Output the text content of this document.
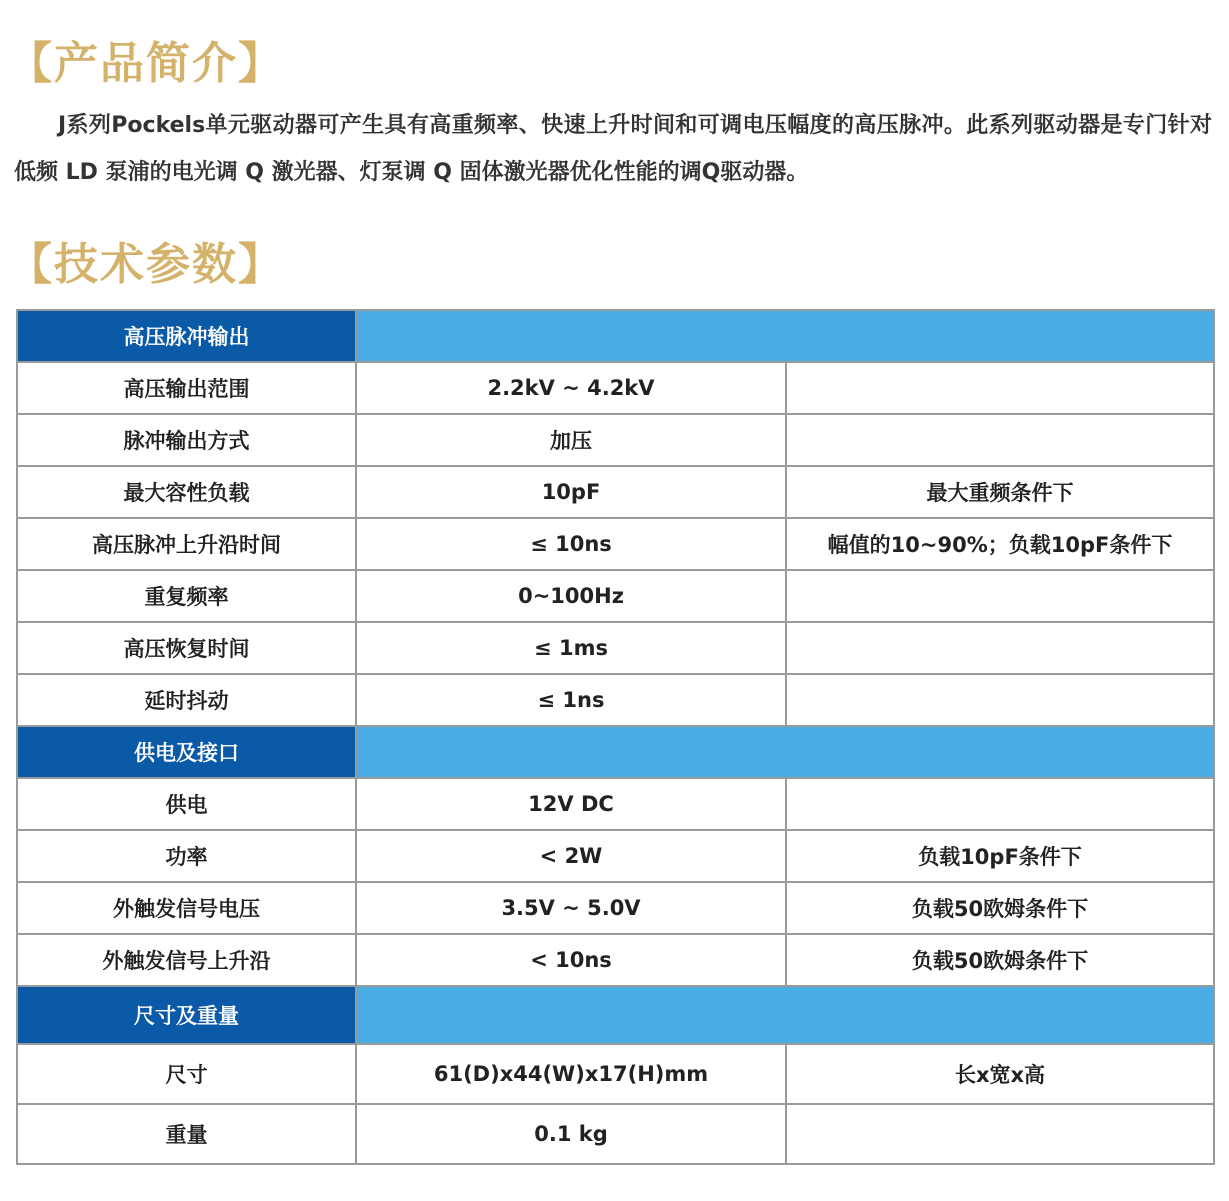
【产品简介】

J系列Pockels单元驱动器可产生具有高重频率、快速上升时间和可调电压幅度的高压脉冲。此系列驱动器是专门针对低频 LD 泵浦的电光调 Q 激光器、灯泵调 Q 固体激光器优化性能的调Q驱动器。

【技术参数】
高压脉冲输出		
高压输出范围	2.2kV ~ 4.2kV	
脉冲输出方式	加压	
最大容性负载	10pF	最大重频条件下
高压脉冲上升沿时间	≤ 10ns	幅值的10~90%；负载10pF条件下
重复频率	0~100Hz	
高压恢复时间	≤ 1ms	
延时抖动	≤ 1ns	
供电及接口		
供电	12V DC	
功率	< 2W	负载10pF条件下
外触发信号电压	3.5V ~ 5.0V	负载50欧姆条件下
外触发信号上升沿	< 10ns	负载50欧姆条件下
尺寸及重量		
尺寸	61(D)x44(W)x17(H)mm	长x宽x高
重量	0.1 kg	
